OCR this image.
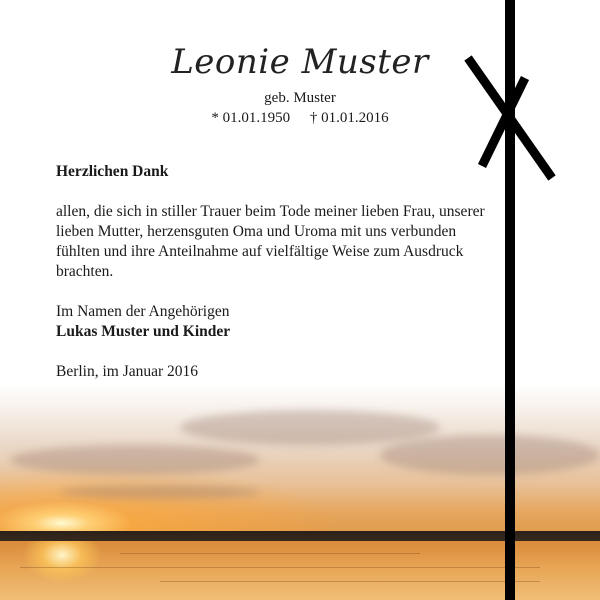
Leonie Muster
geb. Muster
* 01.01.1950 † 01.01.2016

Herzlichen Dank

allen, die sich in stiller Trauer beim Tode meiner lieben Frau, unserer lieben Mutter, herzensguten Oma und Uroma mit uns verbunden fühlten und ihre Anteilnahme auf vielfältige Weise zum Ausdruck brachten.

Im Namen der Angehörigen

Lukas Muster und Kinder

Berlin, im Januar 2016
